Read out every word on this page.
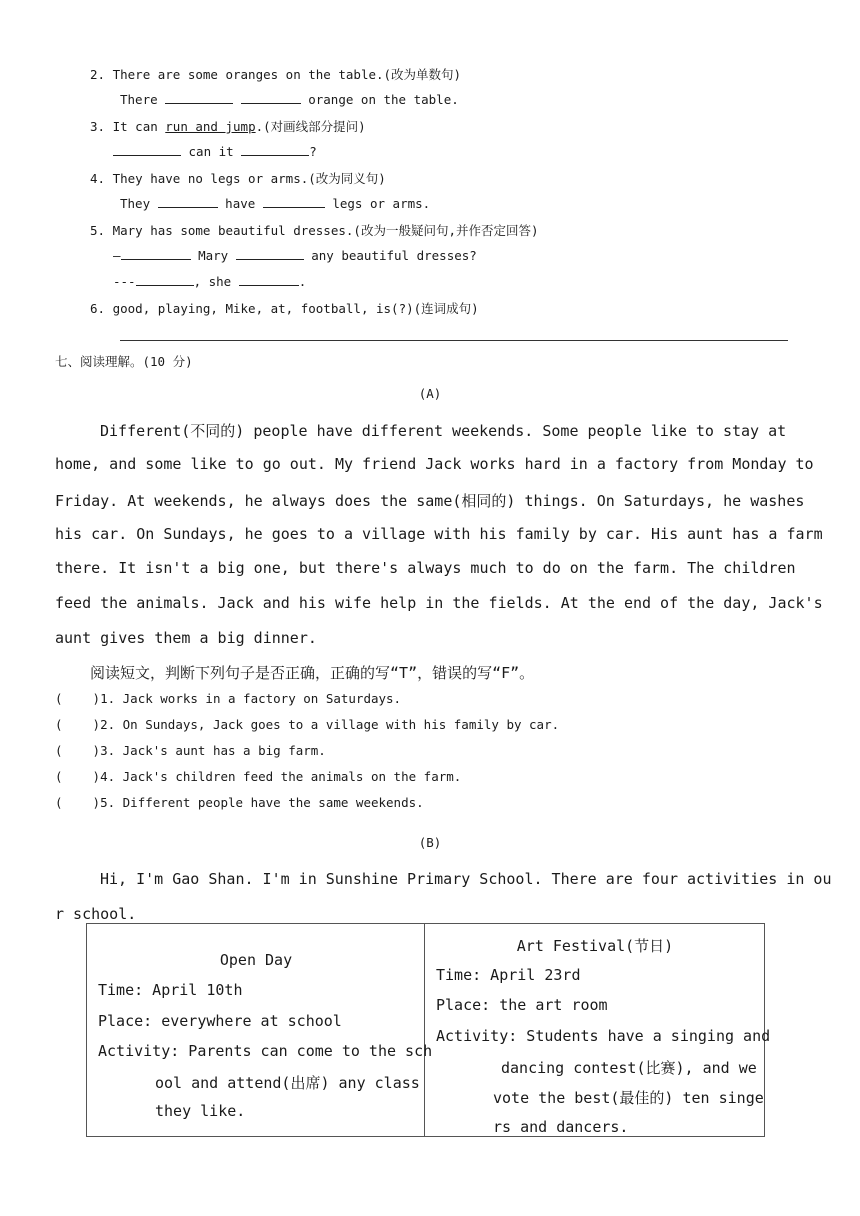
2. There are some oranges on the table.(改为单数句)
There	orange on the table.
3. It can run and jump.(对画线部分提问)
can it	?
4. They have no legs or arms.(改为同义句)
They	have	legs or arms.
5. Mary has some beautiful dresses.(改为一般疑问句,并作否定回答)
—	Mary	any beautiful dresses?
---	, she	.
6. good, playing, Mike, at, football, is(?)(连词成句)
七、阅读理解。(10 分)
(A)
Different(不同的) people have different weekends. Some people like to stay at
home, and some like to go out. My friend Jack works hard in a factory from Monday to
Friday. At weekends, he always does the same(相同的) things. On Saturdays, he washes
his car. On Sundays, he goes to a village with his family by car. His aunt has a farm
there. It isn't a big one, but there's always much to do on the farm. The children
feed the animals. Jack and his wife help in the fields. At the end of the day, Jack's
aunt gives them a big dinner.
阅读短文，判断下列句子是否正确，正确的写“T”，错误的写“F”。
( )1. Jack works in a factory on Saturdays.
( )2. On Sundays, Jack goes to a village with his family by car.
( )3. Jack's aunt has a big farm.
( )4. Jack's children feed the animals on the farm.
( )5. Different people have the same weekends.
(B)
Hi, I'm Gao Shan. I'm in Sunshine Primary School. There are four activities in ou
r school.
Open Day
Time: April 10th
Place: everywhere at school
Activity: Parents can come to the sch
ool and attend(出席) any class
they like.

Art Festival(节日)
Time: April 23rd
Place: the art room
Activity: Students have a singing and
dancing contest(比赛), and we
vote the best(最佳的) ten singe
rs and dancers.
